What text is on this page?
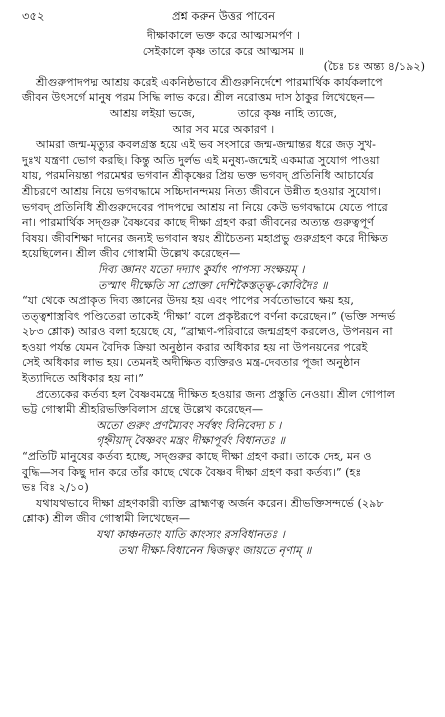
৩৫২	প্রশ্ন করুন উত্তর পাবেন
দীক্ষাকালে ভক্ত করে আত্মসমর্পণ ।
সেইকালে কৃষ্ণ তারে করে আত্মসম ॥
(চৈঃ চঃ অন্ত্য ৪/১৯২)
শ্রীগুরুপাদপদ্ম আশ্রয় করেই একনিষ্ঠভাবে শ্রীগুরুনির্দেশে পারমার্থিক কার্যকলাপে
জীবন উৎসর্গে মানুষ পরম সিদ্ধি লাভ করে। শ্রীল নরোত্তম দাস ঠাকুর লিখেছেন—
আশ্রয় লইয়া ভজে,            তারে কৃষ্ণ নাহি ত্যজে,
আর সব মরে অকারণ ।
আমরা জন্ম-মৃত্যুর কবলগ্রস্ত হয়ে এই ভব সংসারে জন্ম-জন্মান্তর ধরে জড় সুখ-
দুঃখ যন্ত্রণা ভোগ করছি। কিন্তু অতি দুর্লভ এই মনুষ্য-জন্মেই একমাত্র সুযোগ পাওয়া
যায়, পরমনিয়ন্তা পরমেশ্বর ভগবান শ্রীকৃষ্ণের প্রিয় ভক্ত ভগবদ্ প্রতিনিধি আচার্যের
শ্রীচরণে আশ্রয় নিয়ে ভগবদ্ধামে সচ্চিদানন্দময় নিত্য জীবনে উন্নীত হওয়ার সুযোগ।
ভগবদ্ প্রতিনিধি শ্রীগুরুদেবের পাদপদ্মে আশ্রয় না নিয়ে কেউ ভগবদ্ধামে যেতে পারে
না। পারমার্থিক সদ্‌গুরু বৈষ্ণবের কাছে দীক্ষা গ্রহণ করা জীবনের অত্যন্ত গুরুত্বপূর্ণ
বিষয়। জীবশিক্ষা দানের জন্যই ভগবান স্বয়ং শ্রীচৈতন্য মহাপ্রভু গুরুগ্রহণ করে দীক্ষিত
হয়েছিলেন। শ্রীল জীব গোস্বামী উল্লেখ করেছেন—
দিব্য জ্ঞানং যতো দদ্যাৎ কুর্যাৎ পাপস্য সংক্ষয়ম্ ।
তস্মাৎ দীক্ষেতি সা প্রোক্তা দেশিকৈস্তত্ত্ব-কোবিদৈঃ ॥
“যা থেকে অপ্রাকৃত দিব্য জ্ঞানের উদয় হয় এবং পাপের সর্বতোভাবে ক্ষয় হয়,
তত্ত্বশাস্ত্রবিৎ পণ্ডিতেরা তাকেই ‘দীক্ষা’ বলে প্রকৃষ্টরূপে বর্ণনা করেছেন।” (ভক্তি সন্দর্ভ
২৮৩ শ্লোক) আরও বলা হয়েছে যে, “ব্রাহ্মণ-পরিবারে জন্মগ্রহণ করলেও, উপনয়ন না
হওয়া পর্যন্ত যেমন বৈদিক ক্রিয়া অনুষ্ঠান করার অধিকার হয় না উপনয়নের পরেই
সেই অধিকার লাভ হয়। তেমনই অদীক্ষিত ব্যক্তিরও মন্ত্র-দেবতার পূজা অনুষ্ঠান
ইত্যাদিতে অধিকার হয় না।”
প্রত্যেকের কর্তব্য হল বৈষ্ণবমন্ত্রে দীক্ষিত হওয়ার জন্য প্রস্তুতি নেওয়া। শ্রীল গোপাল
ভট্ট গোস্বামী শ্রীহরিভক্তিবিলাস গ্রন্থে উল্লেখ করেছেন—
অতো গুরুং প্রণম্যৈবং সর্বস্বং বিনিবেদ্য চ ।
গৃহ্নীয়াদ্ বৈষ্ণবং মন্ত্রং দীক্ষাপূর্বং বিধানতঃ ॥
“প্রতিটি মানুষের কর্তব্য হচ্ছে, সদ্‌গুরুর কাছে দীক্ষা গ্রহণ করা। তাকে দেহ, মন ও
বুদ্ধি—সব কিছু দান করে তাঁর কাছে থেকে বৈষ্ণব দীক্ষা গ্রহণ করা কর্তব্য।” (হঃ
ভঃ বিঃ ২/১০)
যথাযথভাবে দীক্ষা গ্রহণকারী ব্যক্তি ব্রাহ্মণত্ব অর্জন করেন। শ্রীভক্তিসন্দর্ভে (২৯৮
শ্লোক) শ্রীল জীব গোস্বামী লিখেছেন—
যথা কাঞ্চনতাং যাতি কাংস্যং রসবিধানতঃ ।
তথা দীক্ষা-বিধানেন দ্বিজত্বং জায়তে নৃণাম্ ॥
